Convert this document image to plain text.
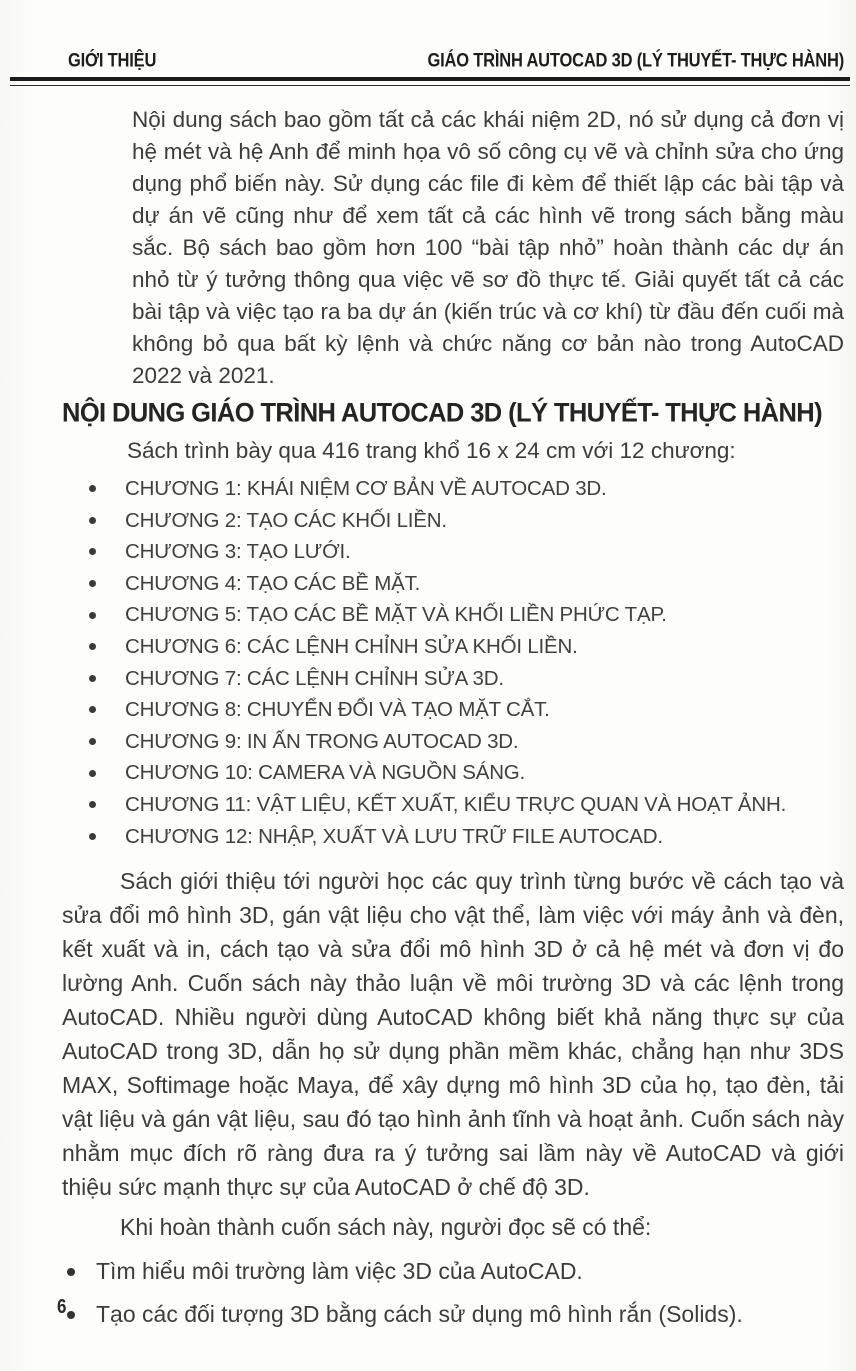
GIỚI THIỆU	GIÁO TRÌNH AUTOCAD 3D (LÝ THUYẾT- THỰC HÀNH)

Nội dung sách bao gồm tất cả các khái niệm 2D, nó sử dụng cả đơn vị hệ mét và hệ Anh để minh họa vô số công cụ vẽ và chỉnh sửa cho ứng dụng phổ biến này. Sử dụng các file đi kèm để thiết lập các bài tập và dự án vẽ cũng như để xem tất cả các hình vẽ trong sách bằng màu sắc. Bộ sách bao gồm hơn 100 “bài tập nhỏ” hoàn thành các dự án nhỏ từ ý tưởng thông qua việc vẽ sơ đồ thực tế. Giải quyết tất cả các bài tập và việc tạo ra ba dự án (kiến trúc và cơ khí) từ đầu đến cuối mà không bỏ qua bất kỳ lệnh và chức năng cơ bản nào trong AutoCAD 2022 và 2021.

NỘI DUNG GIÁO TRÌNH AUTOCAD 3D (LÝ THUYẾT- THỰC HÀNH)

Sách trình bày qua 416 trang khổ 16 x 24 cm với 12 chương:

CHƯƠNG 1: KHÁI NIỆM CƠ BẢN VỀ AUTOCAD 3D.
CHƯƠNG 2: TẠO CÁC KHỐI LIỀN.
CHƯƠNG 3: TẠO LƯỚI.
CHƯƠNG 4: TẠO CÁC BỀ MẶT.
CHƯƠNG 5: TẠO CÁC BỀ MẶT VÀ KHỐI LIỀN PHỨC TẠP.
CHƯƠNG 6: CÁC LỆNH CHỈNH SỬA KHỐI LIỀN.
CHƯƠNG 7: CÁC LỆNH CHỈNH SỬA 3D.
CHƯƠNG 8: CHUYỂN ĐỔI VÀ TẠO MẶT CẮT.
CHƯƠNG 9: IN ẤN TRONG AUTOCAD 3D.
CHƯƠNG 10: CAMERA VÀ NGUỒN SÁNG.
CHƯƠNG 11: VẬT LIỆU, KẾT XUẤT, KIỂU TRỰC QUAN VÀ HOẠT ẢNH.
CHƯƠNG 12: NHẬP, XUẤT VÀ LƯU TRỮ FILE AUTOCAD.

Sách giới thiệu tới người học các quy trình từng bước về cách tạo và sửa đổi mô hình 3D, gán vật liệu cho vật thể, làm việc với máy ảnh và đèn, kết xuất và in, cách tạo và sửa đổi mô hình 3D ở cả hệ mét và đơn vị đo lường Anh. Cuốn sách này thảo luận về môi trường 3D và các lệnh trong AutoCAD. Nhiều người dùng AutoCAD không biết khả năng thực sự của AutoCAD trong 3D, dẫn họ sử dụng phần mềm khác, chẳng hạn như 3DS MAX, Softimage hoặc Maya, để xây dựng mô hình 3D của họ, tạo đèn, tải vật liệu và gán vật liệu, sau đó tạo hình ảnh tĩnh và hoạt ảnh. Cuốn sách này nhằm mục đích rõ ràng đưa ra ý tưởng sai lầm này về AutoCAD và giới thiệu sức mạnh thực sự của AutoCAD ở chế độ 3D.

Khi hoàn thành cuốn sách này, người đọc sẽ có thể:

Tìm hiểu môi trường làm việc 3D của AutoCAD.
Tạo các đối tượng 3D bằng cách sử dụng mô hình rắn (Solids).
6
